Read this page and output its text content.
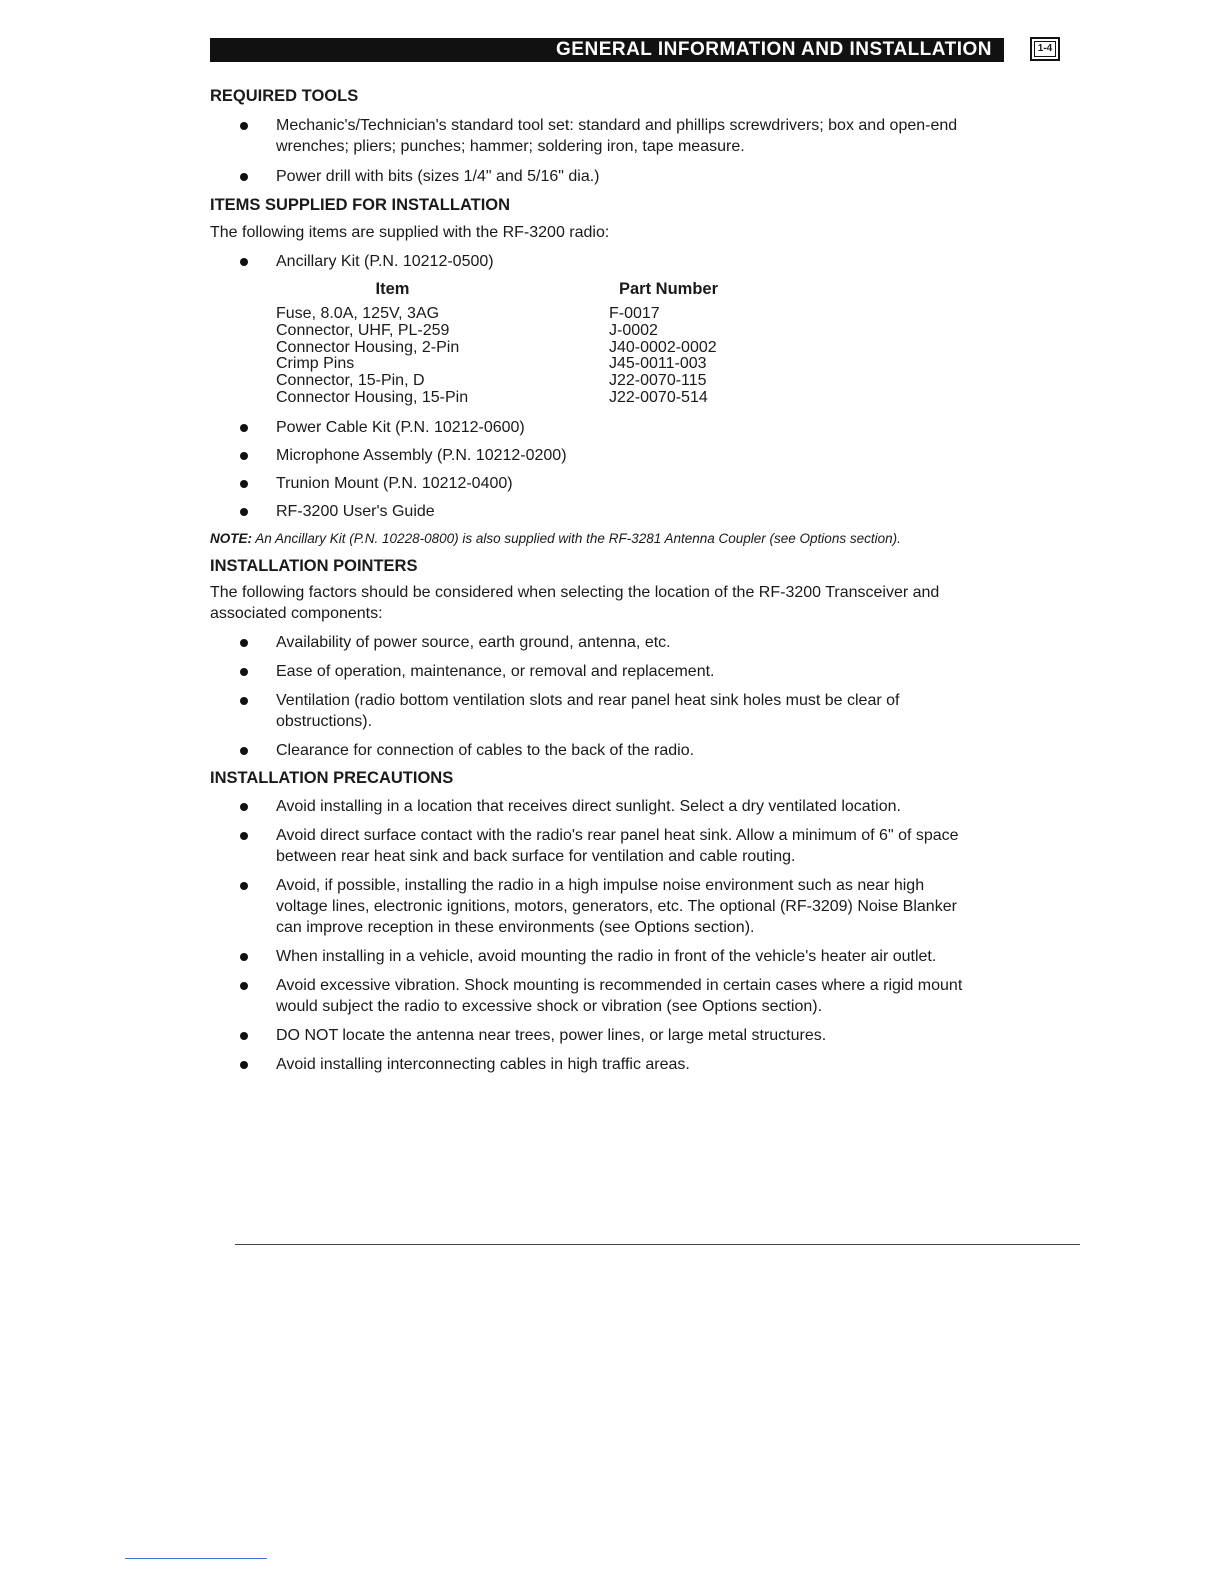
GENERAL INFORMATION AND INSTALLATION	1-4
REQUIRED TOOLS
Mechanic's/Technician's standard tool set: standard and phillips screwdrivers; box and open-end wrenches; pliers; punches; hammer; soldering iron, tape measure.
Power drill with bits (sizes 1/4" and 5/16" dia.)
ITEMS SUPPLIED FOR INSTALLATION

The following items are supplied with the RF-3200 radio:

Ancillary Kit (P.N. 10212-0500)
Item	Part Number
Fuse, 8.0A, 125V, 3AG	F-0017
Connector, UHF, PL-259	J-0002
Connector Housing, 2-Pin	J40-0002-0002
Crimp Pins	J45-0011-003
Connector, 15-Pin, D	J22-0070-115
Connector Housing, 15-Pin	J22-0070-514
Power Cable Kit (P.N. 10212-0600)
Microphone Assembly (P.N. 10212-0200)
Trunion Mount (P.N. 10212-0400)
RF-3200 User's Guide

NOTE: An Ancillary Kit (P.N. 10228-0800) is also supplied with the RF-3281 Antenna Coupler (see Options section).

INSTALLATION POINTERS

The following factors should be considered when selecting the location of the RF-3200 Transceiver and associated components:

Availability of power source, earth ground, antenna, etc.
Ease of operation, maintenance, or removal and replacement.
Ventilation (radio bottom ventilation slots and rear panel heat sink holes must be clear of obstructions).
Clearance for connection of cables to the back of the radio.
INSTALLATION PRECAUTIONS
Avoid installing in a location that receives direct sunlight. Select a dry ventilated location.
Avoid direct surface contact with the radio's rear panel heat sink. Allow a minimum of 6" of space between rear heat sink and back surface for ventilation and cable routing.
Avoid, if possible, installing the radio in a high impulse noise environment such as near high voltage lines, electronic ignitions, motors, generators, etc. The optional (RF-3209) Noise Blanker can improve reception in these environments (see Options section).
When installing in a vehicle, avoid mounting the radio in front of the vehicle's heater air outlet.
Avoid excessive vibration. Shock mounting is recommended in certain cases where a rigid mount would subject the radio to excessive shock or vibration (see Options section).
DO NOT locate the antenna near trees, power lines, or large metal structures.
Avoid installing interconnecting cables in high traffic areas.
